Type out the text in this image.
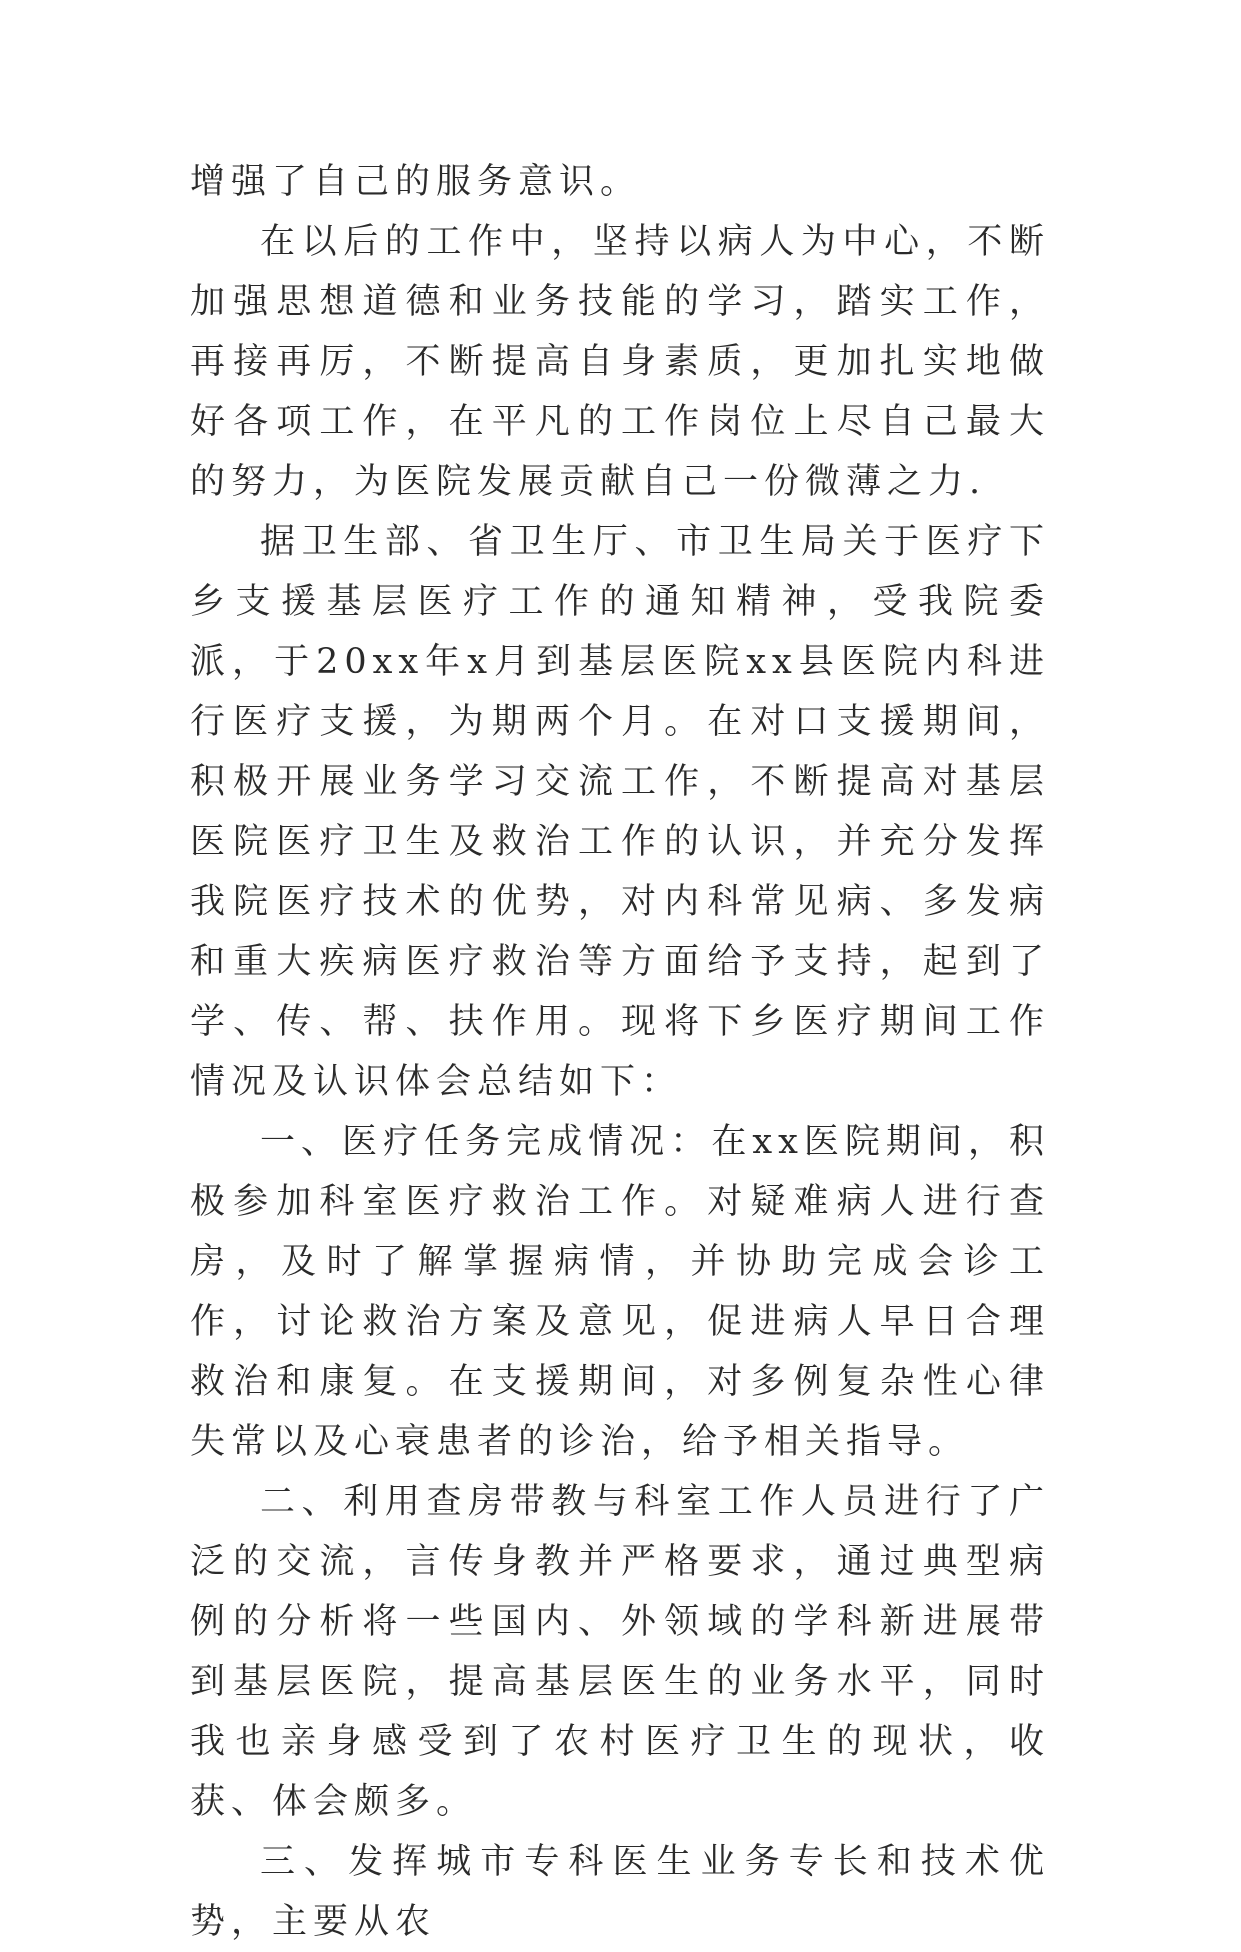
增强了自己的服务意识。

在以后的工作中，坚持以病人为中心，不断加强思想道德和业务技能的学习，踏实工作，再接再厉，不断提高自身素质，更加扎实地做好各项工作，在平凡的工作岗位上尽自己最大的努力，为医院发展贡献自己一份微薄之力.

据卫生部、省卫生厅、市卫生局关于医疗下乡支援基层医疗工作的通知精神，受我院委派，于20xx年x月到基层医院xx县医院内科进行医疗支援，为期两个月。在对口支援期间，积极开展业务学习交流工作，不断提高对基层医院医疗卫生及救治工作的认识，并充分发挥我院医疗技术的优势，对内科常见病、多发病和重大疾病医疗救治等方面给予支持，起到了学、传、帮、扶作用。现将下乡医疗期间工作情况及认识体会总结如下：

一、医疗任务完成情况：在xx医院期间，积极参加科室医疗救治工作。对疑难病人进行查房，及时了解掌握病情，并协助完成会诊工作，讨论救治方案及意见，促进病人早日合理救治和康复。在支援期间，对多例复杂性心律失常以及心衰患者的诊治，给予相关指导。

二、利用查房带教与科室工作人员进行了广泛的交流，言传身教并严格要求，通过典型病例的分析将一些国内、外领域的学科新进展带到基层医院，提高基层医生的业务水平，同时我也亲身感受到了农村医疗卫生的现状，收获、体会颇多。

三、发挥城市专科医生业务专长和技术优势，主要从农
